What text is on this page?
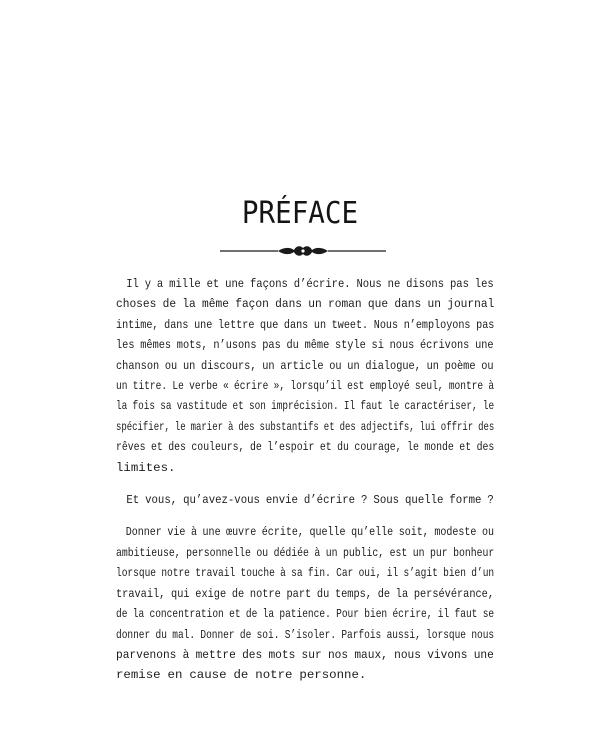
PRÉFACE

Il y a mille et une façons d’écrire. Nous ne disons pas les
choses de la même façon dans un roman que dans un journal
intime, dans une lettre que dans un tweet. Nous n’employons pas
les mêmes mots, n’usons pas du même style si nous écrivons une
chanson ou un discours, un article ou un dialogue, un poème ou
un titre. Le verbe « écrire », lorsqu’il est employé seul, montre à
la fois sa vastitude et son imprécision. Il faut le caractériser, le
spécifier, le marier à des substantifs et des adjectifs, lui offrir des
rêves et des couleurs, de l’espoir et du courage, le monde et des
limites.

Et vous, qu’avez-vous envie d’écrire ? Sous quelle forme ?

Donner vie à une œuvre écrite, quelle qu’elle soit, modeste ou
ambitieuse, personnelle ou dédiée à un public, est un pur bonheur
lorsque notre travail touche à sa fin. Car oui, il s’agit bien d’un
travail, qui exige de notre part du temps, de la persévérance,
de la concentration et de la patience. Pour bien écrire, il faut se
donner du mal. Donner de soi. S’isoler. Parfois aussi, lorsque nous
parvenons à mettre des mots sur nos maux, nous vivons une
remise en cause de notre personne.
